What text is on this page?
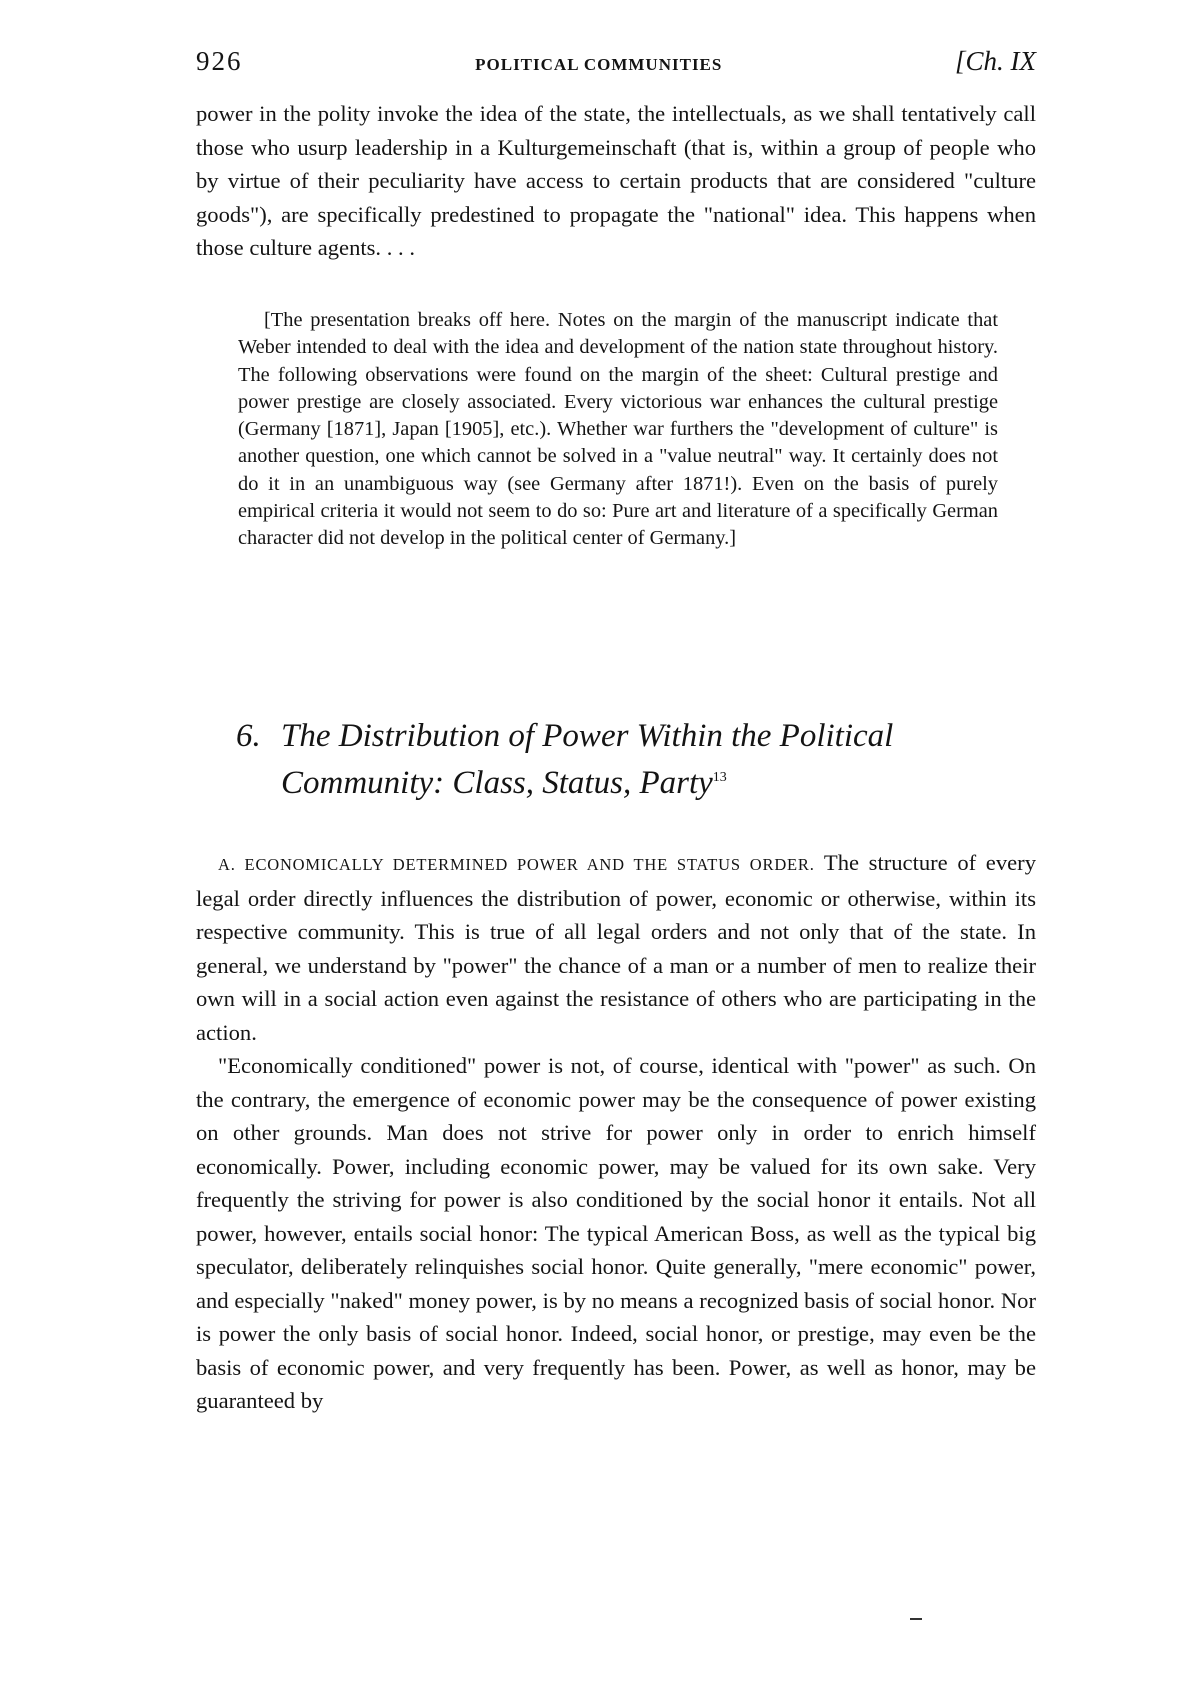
926	POLITICAL COMMUNITIES	[Ch. IX

power in the polity invoke the idea of the state, the intellectuals, as we shall tentatively call those who usurp leadership in a Kulturgemeinschaft (that is, within a group of people who by virtue of their peculiarity have access to certain products that are considered "culture goods"), are specifically predestined to propagate the "national" idea. This happens when those culture agents. . . .

[The presentation breaks off here. Notes on the margin of the manuscript indicate that Weber intended to deal with the idea and development of the nation state throughout history. The following observations were found on the margin of the sheet: Cultural prestige and power prestige are closely associated. Every victorious war enhances the cultural prestige (Germany [1871], Japan [1905], etc.). Whether war furthers the "development of culture" is another question, one which cannot be solved in a "value neutral" way. It certainly does not do it in an unambiguous way (see Germany after 1871!). Even on the basis of purely empirical criteria it would not seem to do so: Pure art and literature of a specifically German character did not develop in the political center of Germany.]

6. The Distribution of Power Within the Political Community: Class, Status, Party$^{13}$

A. ECONOMICALLY DETERMINED POWER AND THE STATUS ORDER. The structure of every legal order directly influences the distribution of power, economic or otherwise, within its respective community. This is true of all legal orders and not only that of the state. In general, we understand by "power" the chance of a man or a number of men to realize their own will in a social action even against the resistance of others who are participating in the action.

"Economically conditioned" power is not, of course, identical with "power" as such. On the contrary, the emergence of economic power may be the consequence of power existing on other grounds. Man does not strive for power only in order to enrich himself economically. Power, including economic power, may be valued for its own sake. Very frequently the striving for power is also conditioned by the social honor it entails. Not all power, however, entails social honor: The typical American Boss, as well as the typical big speculator, deliberately relinquishes social honor. Quite generally, "mere economic" power, and especially "naked" money power, is by no means a recognized basis of social honor. Nor is power the only basis of social honor. Indeed, social honor, or prestige, may even be the basis of economic power, and very frequently has been. Power, as well as honor, may be guaranteed by
